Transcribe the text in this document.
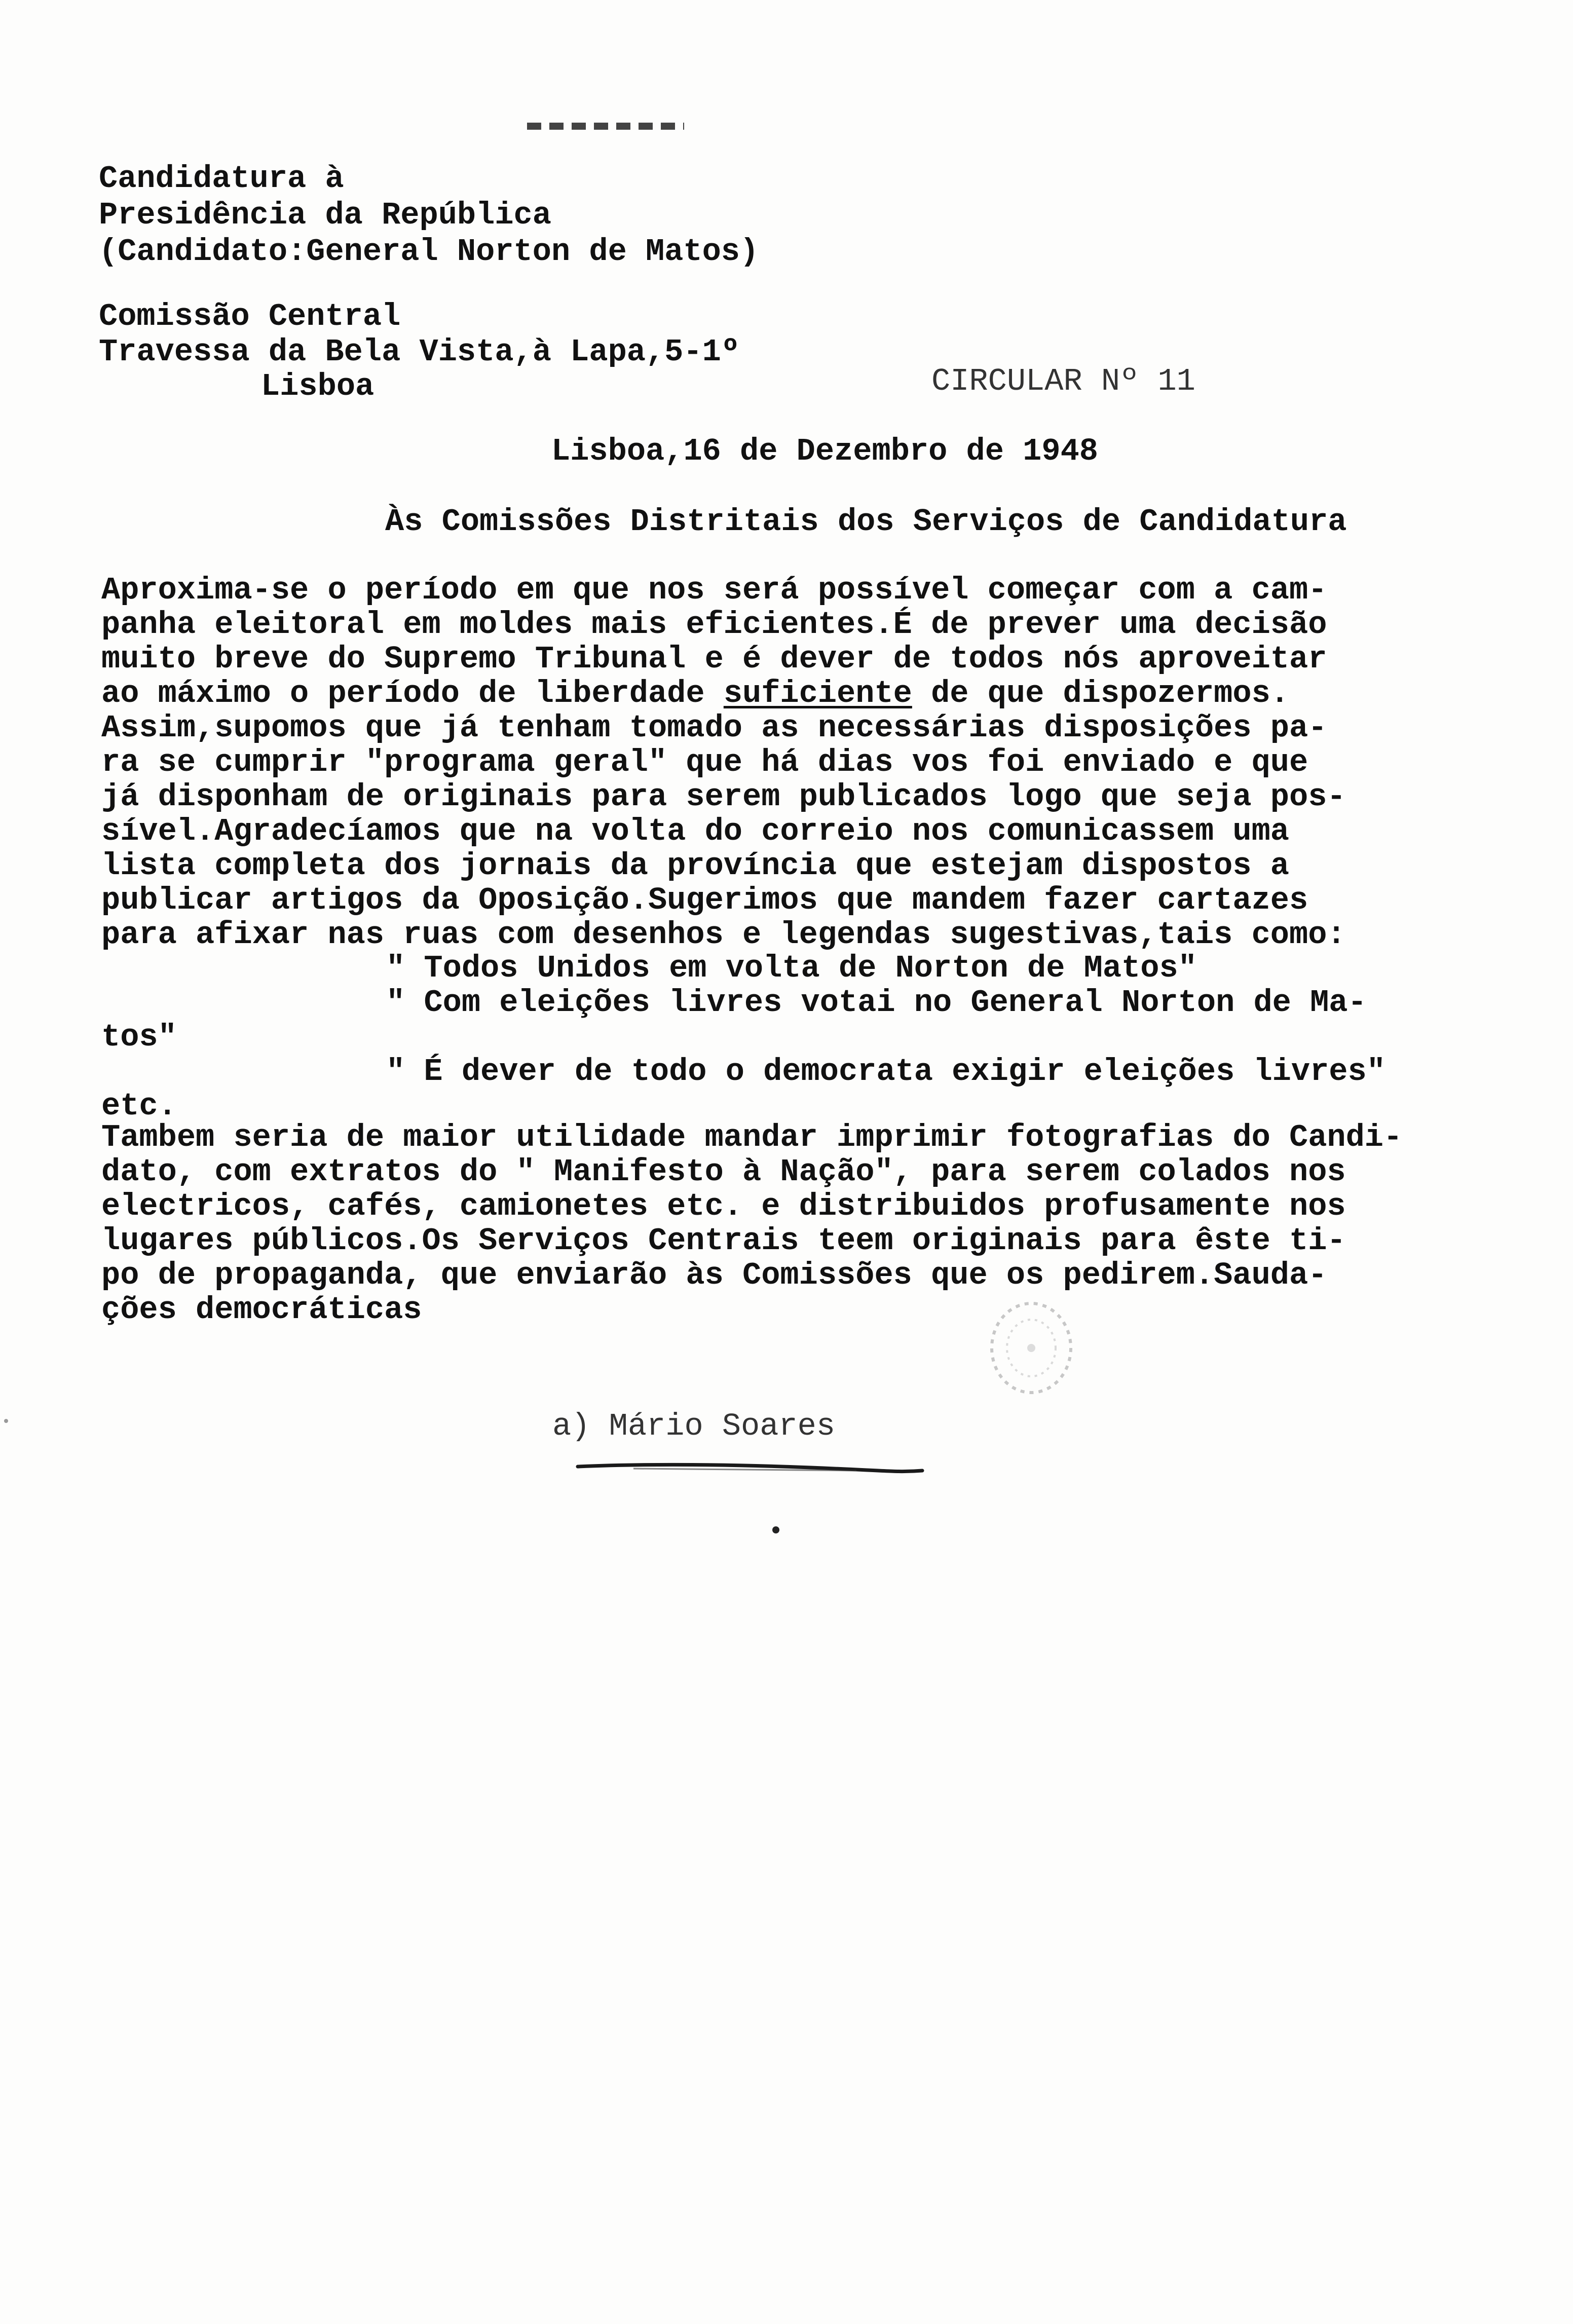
Candidatura à
Presidência da República
(Candidato:General Norton de Matos)
Comissão Central
Travessa da Bela Vista,à Lapa,5-1º
Lisboa	CIRCULAR Nº 11
Lisboa,16 de Dezembro de 1948
Às Comissões Distritais dos Serviços de Candidatura
Aproxima-se o período em que nos será possível começar com a cam-
panha eleitoral em moldes mais eficientes.É de prever uma decisão
muito breve do Supremo Tribunal e é dever de todos nós aproveitar
ao máximo o período de liberdade suficiente de que dispozermos.
Assim,supomos que já tenham tomado as necessárias disposições pa-
ra se cumprir "programa geral" que há dias vos foi enviado e que
já disponham de originais para serem publicados logo que seja pos-
sível.Agradecíamos que na volta do correio nos comunicassem uma
lista completa dos jornais da província que estejam dispostos a
publicar artigos da Oposição.Sugerimos que mandem fazer cartazes
para afixar nas ruas com desenhos e legendas sugestivas,tais como:
" Todos Unidos em volta de Norton de Matos"
" Com eleições livres votai no General Norton de Ma-
tos"
" É dever de todo o democrata exigir eleições livres"
etc.
Tambem seria de maior utilidade mandar imprimir fotografias do Candi-
dato, com extratos do " Manifesto à Nação", para serem colados nos
electricos, cafés, camionetes etc. e distribuidos profusamente nos
lugares públicos.Os Serviços Centrais teem originais para êste ti-
po de propaganda, que enviarão às Comissões que os pedirem.Sauda-
ções democráticas
a) Mário Soares
